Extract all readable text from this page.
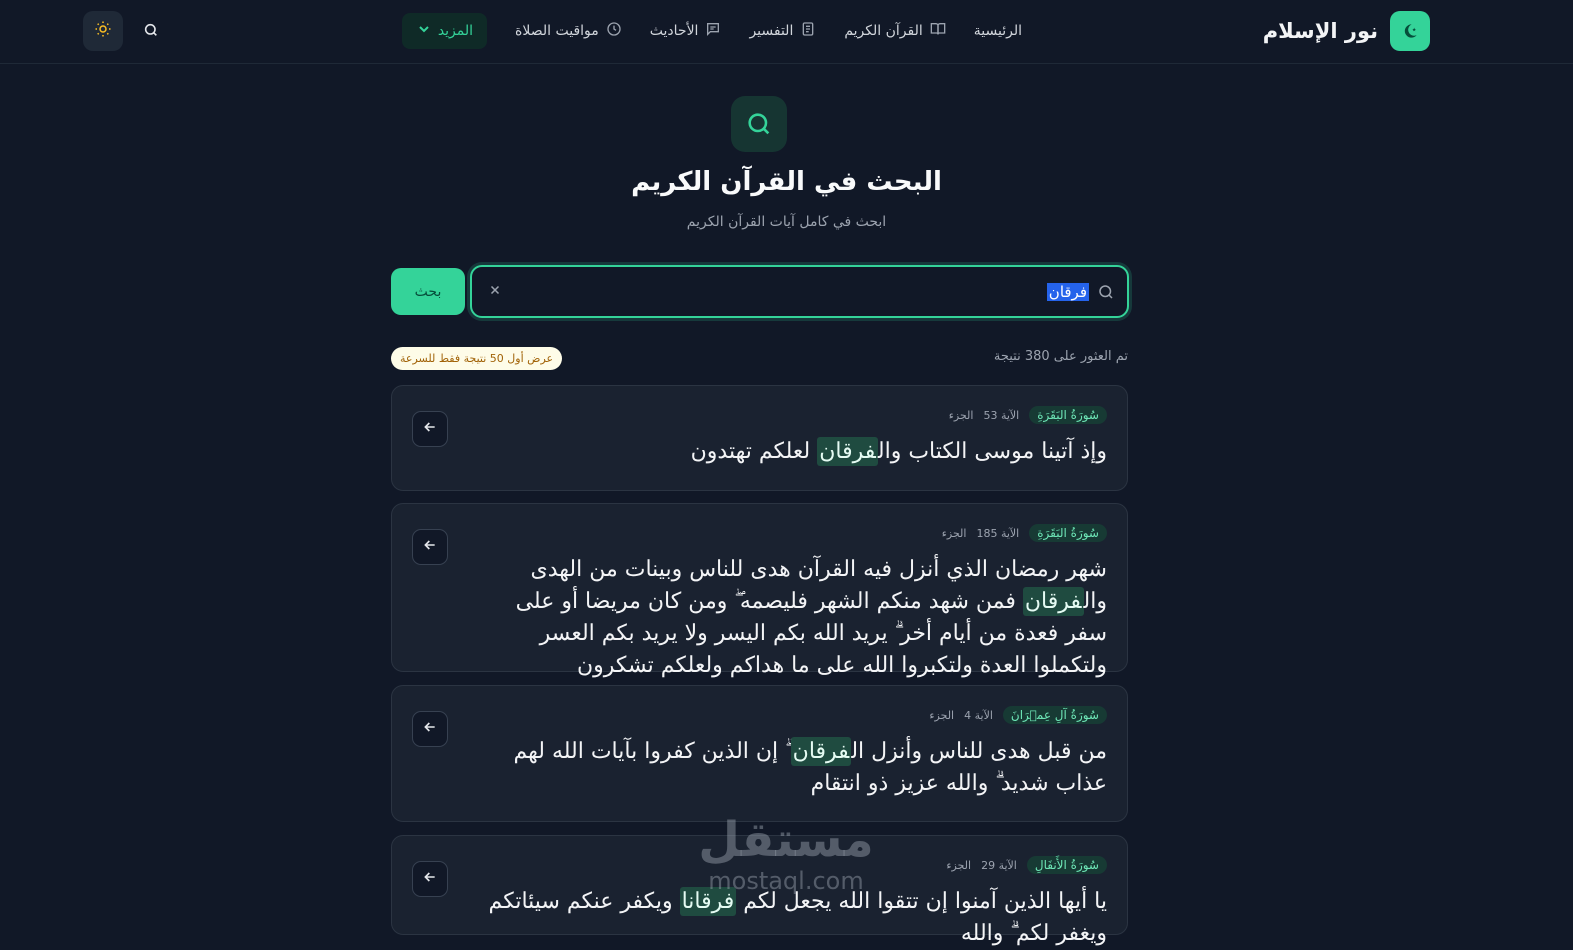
نور الإسلام
الرئيسية
القرآن الكريم
التفسير
الأحاديث
مواقيت الصلاة
المزيد
البحث في القرآن الكريم

ابحث في كامل آيات القرآن الكريم

فرقان
بحث
تم العثور على 380 نتيجة
عرض أول 50 نتيجة فقط للسرعة
سُورَةُ البَقَرَةِ
الآية 53
الجزء
وإذ آتينا موسى الكتاب والفرقان لعلكم تهتدون
سُورَةُ البَقَرَةِ
الآية 185
الجزء
شهر رمضان الذي أنزل فيه القرآن هدى للناس وبينات من الهدى والفرقانۚ فمن شهد منكم الشهر فليصمه ۖ ومن كان مريضا أو على سفر فعدة من أيام أخر ۗ يريد الله بكم اليسر ولا يريد بكم العسر ولتكملوا العدة ولتكبروا الله على ما هداكم ولعلكم تشكرون
سُورَةُ آلِ عِمۡرَانَ
الآية 4
الجزء
من قبل هدى للناس وأنزل الفرقان ۗ إن الذين كفروا بآيات الله لهم عذاب شديد ۗ والله عزيز ذو انتقام
سُورَةُ الأَنفَالِ
الآية 29
الجزء
يا أيها الذين آمنوا إن تتقوا الله يجعل لكم فرقانا ويكفر عنكم سيئاتكم ويغفر لكم ۗ والله
مستقل
mostaql.com
